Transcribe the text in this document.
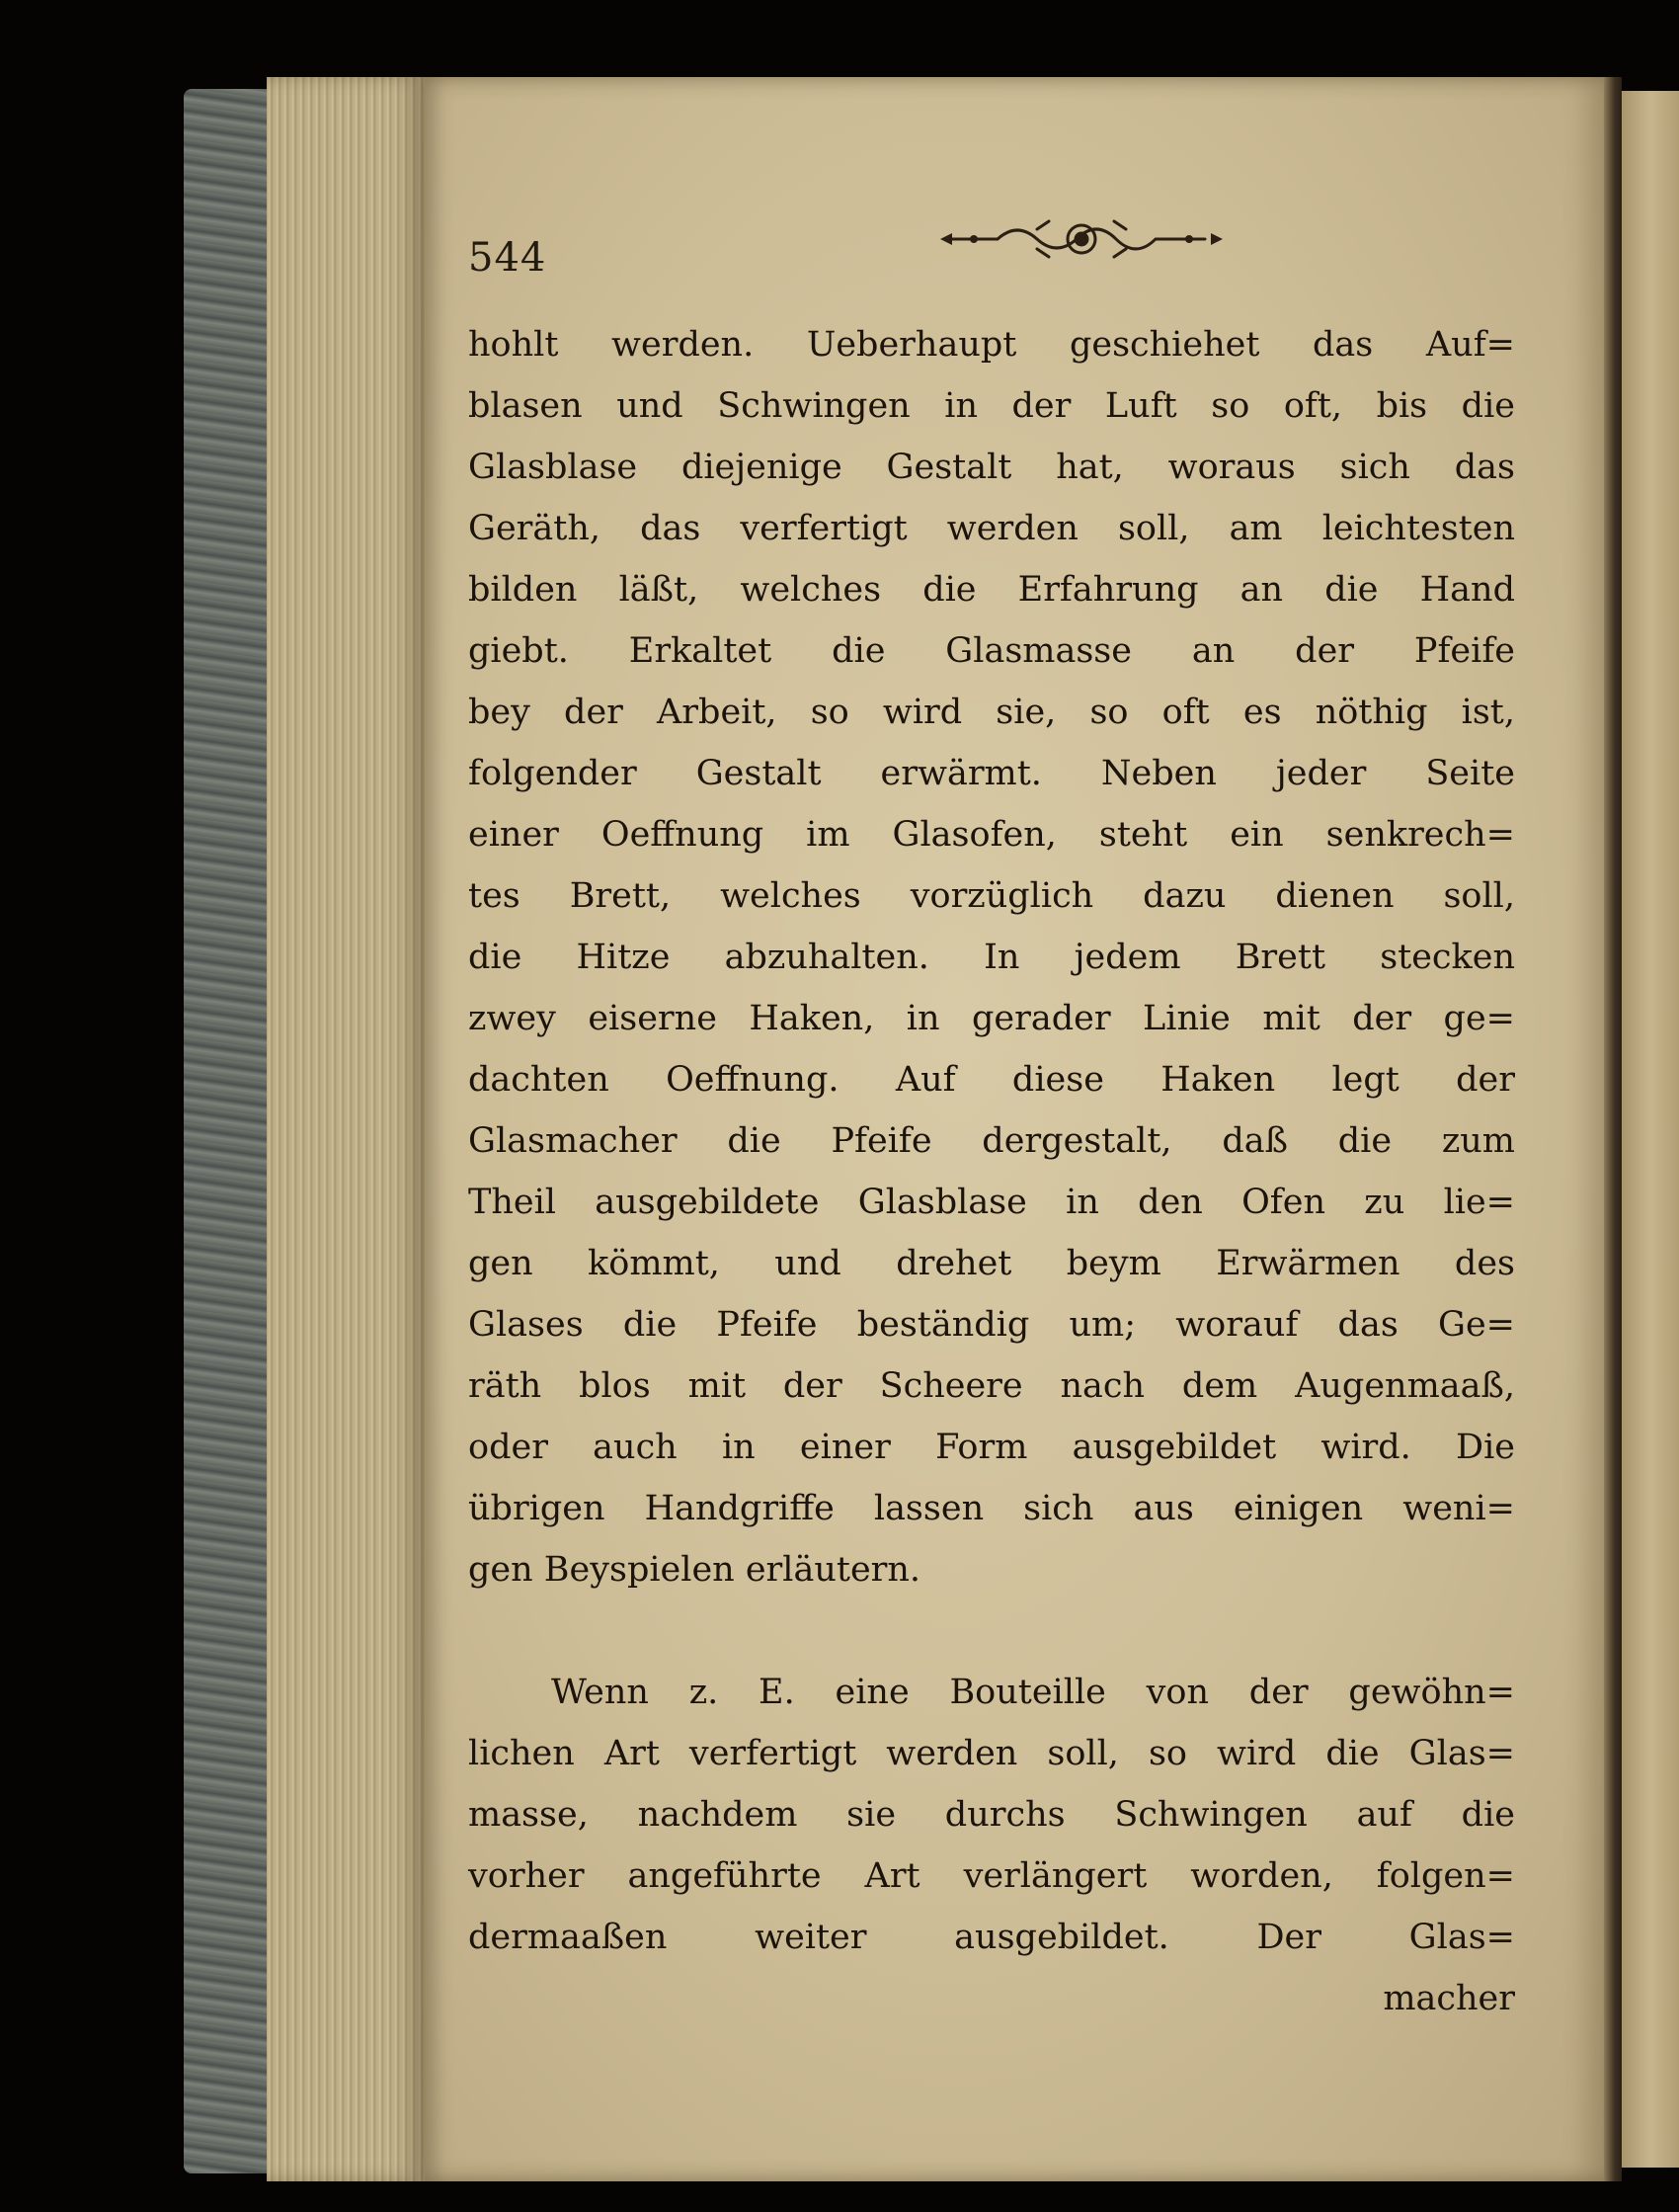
544
hohlt werden. Ueberhaupt geschiehet das Auf=
blasen und Schwingen in der Luft so oft, bis die
Glasblase diejenige Gestalt hat, woraus sich das
Geräth, das verfertigt werden soll, am leichtesten
bilden läßt, welches die Erfahrung an die Hand
giebt. Erkaltet die Glasmasse an der Pfeife
bey der Arbeit, so wird sie, so oft es nöthig ist,
folgender Gestalt erwärmt. Neben jeder Seite
einer Oeffnung im Glasofen, steht ein senkrech=
tes Brett, welches vorzüglich dazu dienen soll,
die Hitze abzuhalten. In jedem Brett stecken
zwey eiserne Haken, in gerader Linie mit der ge=
dachten Oeffnung. Auf diese Haken legt der
Glasmacher die Pfeife dergestalt, daß die zum
Theil ausgebildete Glasblase in den Ofen zu lie=
gen kömmt, und drehet beym Erwärmen des
Glases die Pfeife beständig um; worauf das Ge=
räth blos mit der Scheere nach dem Augenmaaß,
oder auch in einer Form ausgebildet wird. Die
übrigen Handgriffe lassen sich aus einigen weni=
gen Beyspielen erläutern.
Wenn z. E. eine Bouteille von der gewöhn=
lichen Art verfertigt werden soll, so wird die Glas=
masse, nachdem sie durchs Schwingen auf die
vorher angeführte Art verlängert worden, folgen=
dermaaßen weiter ausgebildet. Der Glas=
macher
